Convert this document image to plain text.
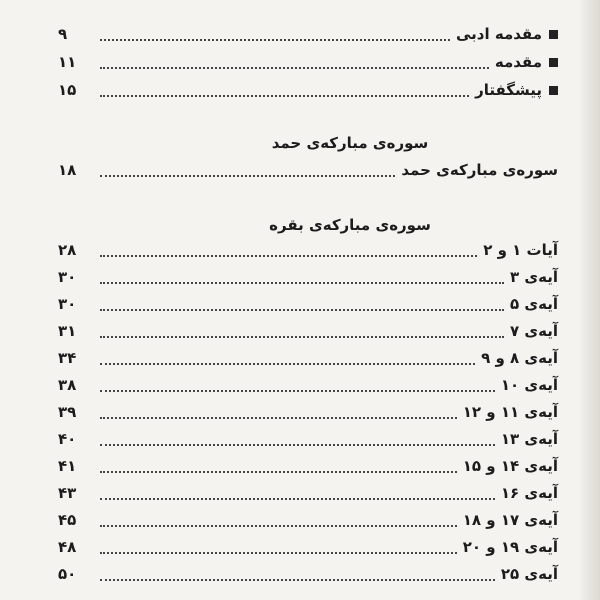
مقدمه ادبی
۹
مقدمه
۱۱
پیشگفتار
۱۵
سوره‌ی مبارکه‌ی حمد
سوره‌ی مبارکه‌ی حمد
۱۸
سوره‌ی مبارکه‌ی بقره
آیات ۱ و ۲
۲۸
آیه‌ی ۳
۳۰
آیه‌ی ۵
۳۰
آیه‌ی ۷
۳۱
آیه‌ی ۸ و ۹
۳۴
آیه‌ی ۱۰
۳۸
آیه‌ی ۱۱ و ۱۲
۳۹
آیه‌ی ۱۳
۴۰
آیه‌ی ۱۴ و ۱۵
۴۱
آیه‌ی ۱۶
۴۳
آیه‌ی ۱۷ و ۱۸
۴۵
آیه‌ی ۱۹ و ۲۰
۴۸
آیه‌ی ۲۵
۵۰
